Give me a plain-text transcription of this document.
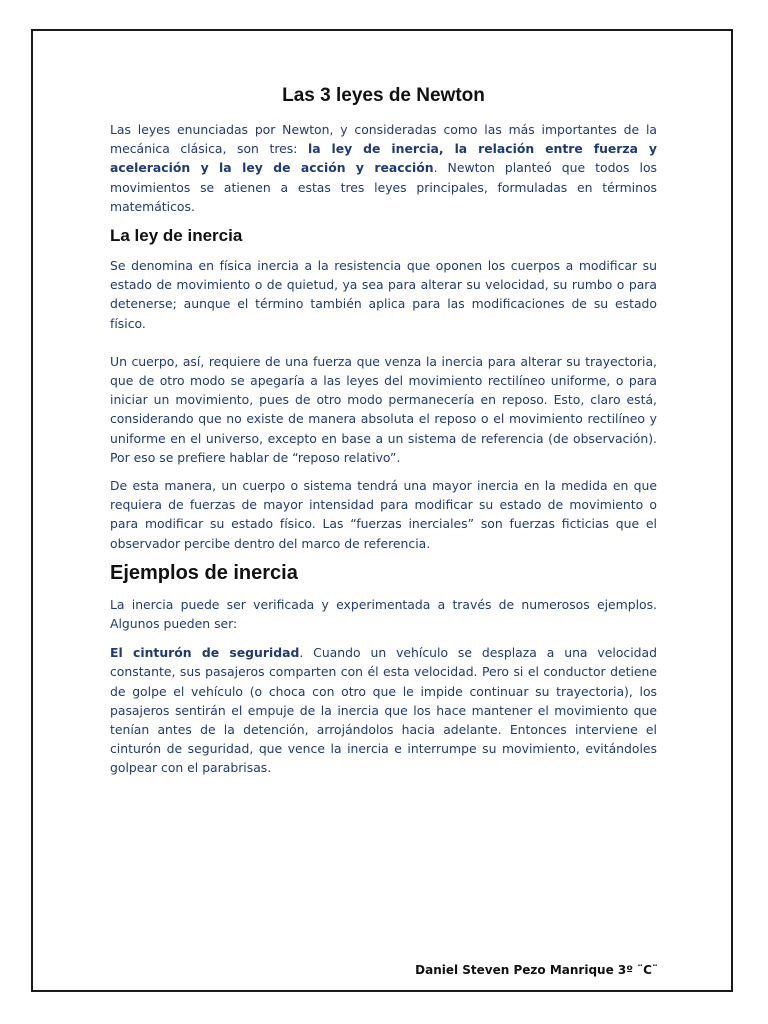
Las 3 leyes de Newton

Las leyes enunciadas por Newton, y consideradas como las más importantes de la mecánica clásica, son tres: la ley de inercia, la relación entre fuerza y aceleración y la ley de acción y reacción. Newton planteó que todos los movimientos se atienen a estas tres leyes principales, formuladas en términos matemáticos.

La ley de inercia

Se denomina en física inercia a la resistencia que oponen los cuerpos a modificar su estado de movimiento o de quietud, ya sea para alterar su velocidad, su rumbo o para detenerse; aunque el término también aplica para las modificaciones de su estado físico.

Un cuerpo, así, requiere de una fuerza que venza la inercia para alterar su trayectoria, que de otro modo se apegaría a las leyes del movimiento rectilíneo uniforme, o para iniciar un movimiento, pues de otro modo permanecería en reposo. Esto, claro está, considerando que no existe de manera absoluta el reposo o el movimiento rectilíneo y uniforme en el universo, excepto en base a un sistema de referencia (de observación). Por eso se prefiere hablar de “reposo relativo”.

De esta manera, un cuerpo o sistema tendrá una mayor inercia en la medida en que requiera de fuerzas de mayor intensidad para modificar su estado de movimiento o para modificar su estado físico. Las “fuerzas inerciales” son fuerzas ficticias que el observador percibe dentro del marco de referencia.

Ejemplos de inercia

La inercia puede ser verificada y experimentada a través de numerosos ejemplos. Algunos pueden ser:

El cinturón de seguridad. Cuando un vehículo se desplaza a una velocidad constante, sus pasajeros comparten con él esta velocidad. Pero si el conductor detiene de golpe el vehículo (o choca con otro que le impide continuar su trayectoria), los pasajeros sentirán el empuje de la inercia que los hace mantener el movimiento que tenían antes de la detención, arrojándolos hacia adelante. Entonces interviene el cinturón de seguridad, que vence la inercia e interrumpe su movimiento, evitándoles golpear con el parabrisas.

Daniel Steven Pezo Manrique 3º ¨C¨
